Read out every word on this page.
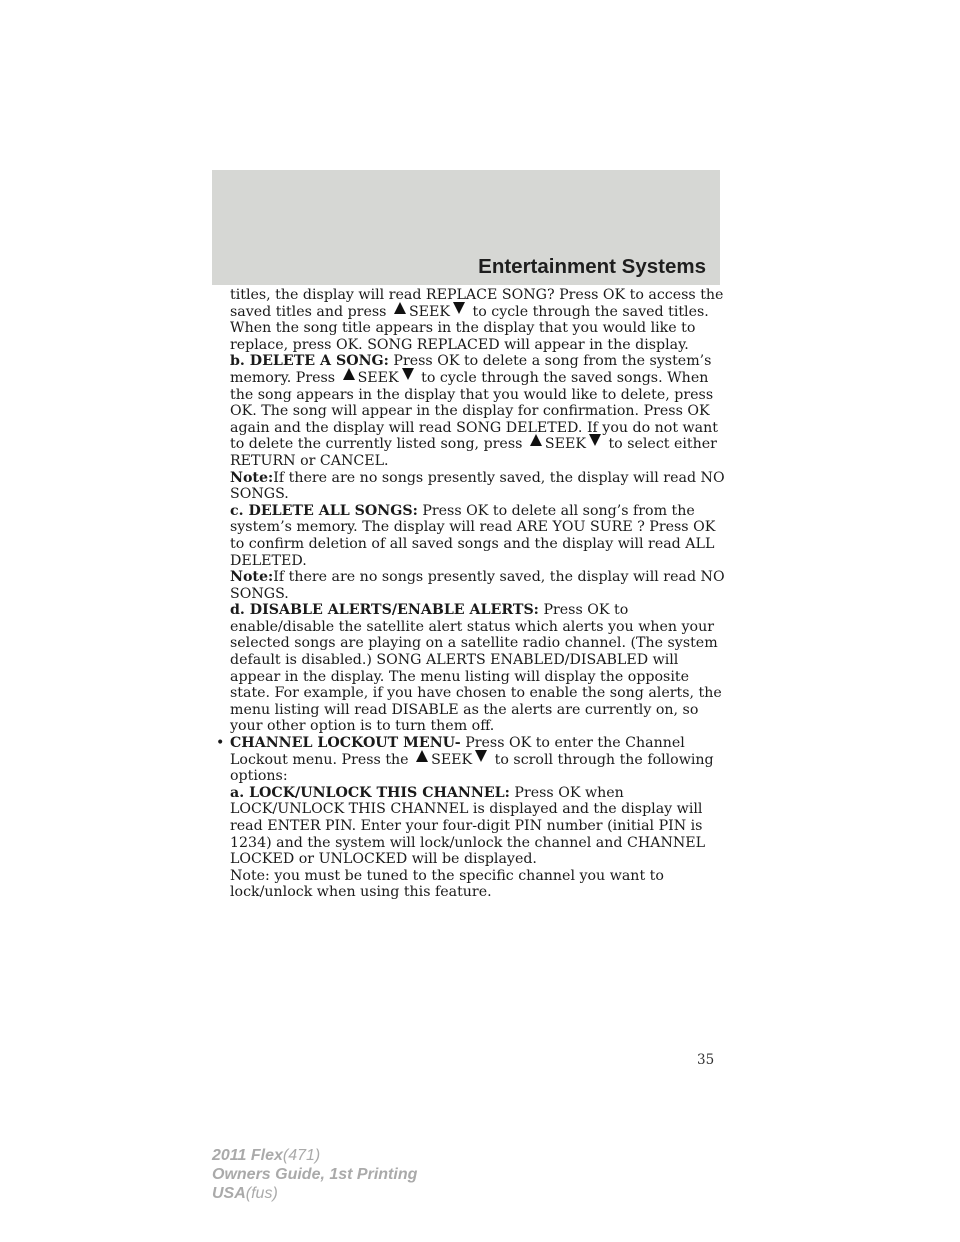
Entertainment Systems

titles, the display will read REPLACE SONG? Press OK to access the saved titles and press SEEK to cycle through the saved titles. When the song title appears in the display that you would like to replace, press OK. SONG REPLACED will appear in the display.

b. DELETE A SONG: Press OK to delete a song from the system’s memory. Press SEEK to cycle through the saved songs. When the song appears in the display that you would like to delete, press OK. The song will appear in the display for confirmation. Press OK again and the display will read SONG DELETED. If you do not want to delete the currently listed song, press SEEK to select either RETURN or CANCEL.

Note:If there are no songs presently saved, the display will read NO SONGS.

c. DELETE ALL SONGS: Press OK to delete all song’s from the system’s memory. The display will read ARE YOU SURE ? Press OK to confirm deletion of all saved songs and the display will read ALL DELETED.

Note:If there are no songs presently saved, the display will read NO SONGS.

d. DISABLE ALERTS/ENABLE ALERTS: Press OK to enable/disable the satellite alert status which alerts you when your selected songs are playing on a satellite radio channel. (The system default is disabled.) SONG ALERTS ENABLED/DISABLED will appear in the display. The menu listing will display the opposite state. For example, if you have chosen to enable the song alerts, the menu listing will read DISABLE as the alerts are currently on, so your other option is to turn them off.

• CHANNEL LOCKOUT MENU- Press OK to enter the Channel Lockout menu. Press the SEEK to scroll through the following options:

a. LOCK/UNLOCK THIS CHANNEL: Press OK when LOCK/UNLOCK THIS CHANNEL is displayed and the display will read ENTER PIN. Enter your four-digit PIN number (initial PIN is 1234) and the system will lock/unlock the channel and CHANNEL LOCKED or UNLOCKED will be displayed.

Note: you must be tuned to the specific channel you want to lock/unlock when using this feature.

35
2011 Flex(471)
Owners Guide, 1st Printing
USA(fus)
